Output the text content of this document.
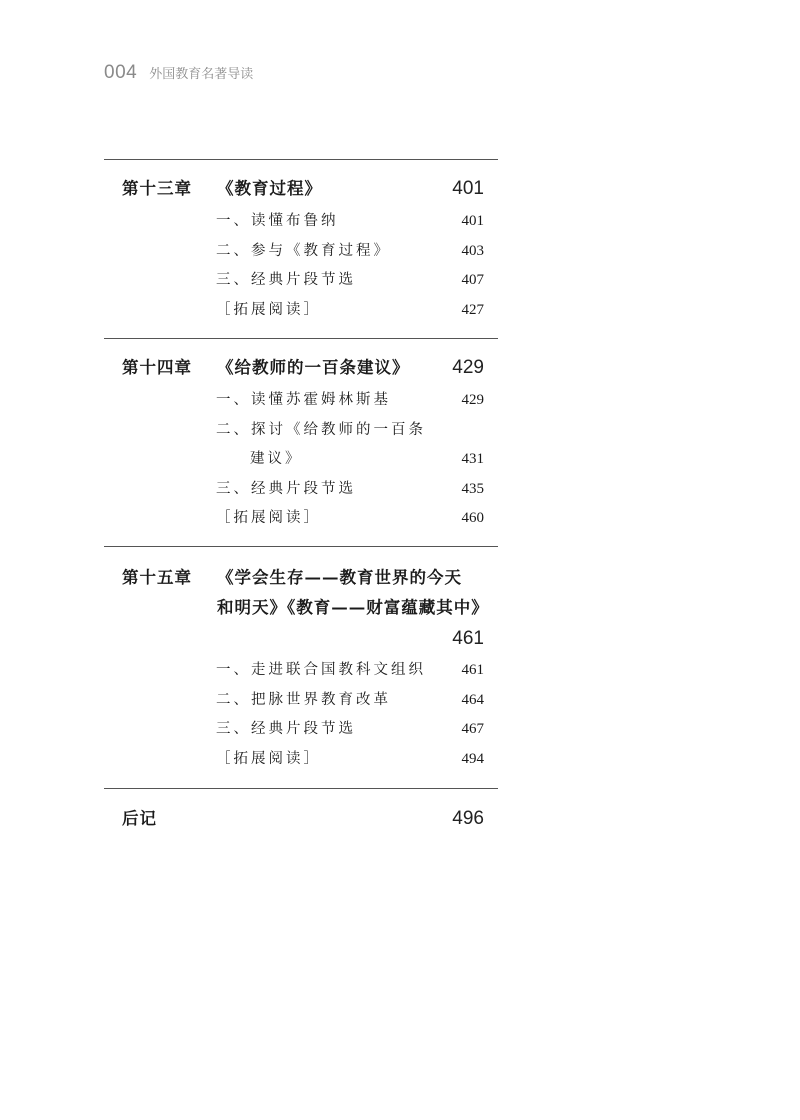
004 外国教育名著导读
第十三章 《教育过程》	401
一、读懂布鲁纳	401
二、参与《教育过程》	403
三、经典片段节选	407
［拓展阅读］	427
第十四章 《给教师的一百条建议》 429
一、读懂苏霍姆林斯基	429
二、探讨《给教师的一百条
建议》	431
三、经典片段节选	435
［拓展阅读］	460
第十五章 《学会生存——教育世界的今天
和明天》《教育——财富蕴藏其中》
461
一、走进联合国教科文组织 461
二、把脉世界教育改革	464
三、经典片段节选	467
［拓展阅读］	494
后记	496
